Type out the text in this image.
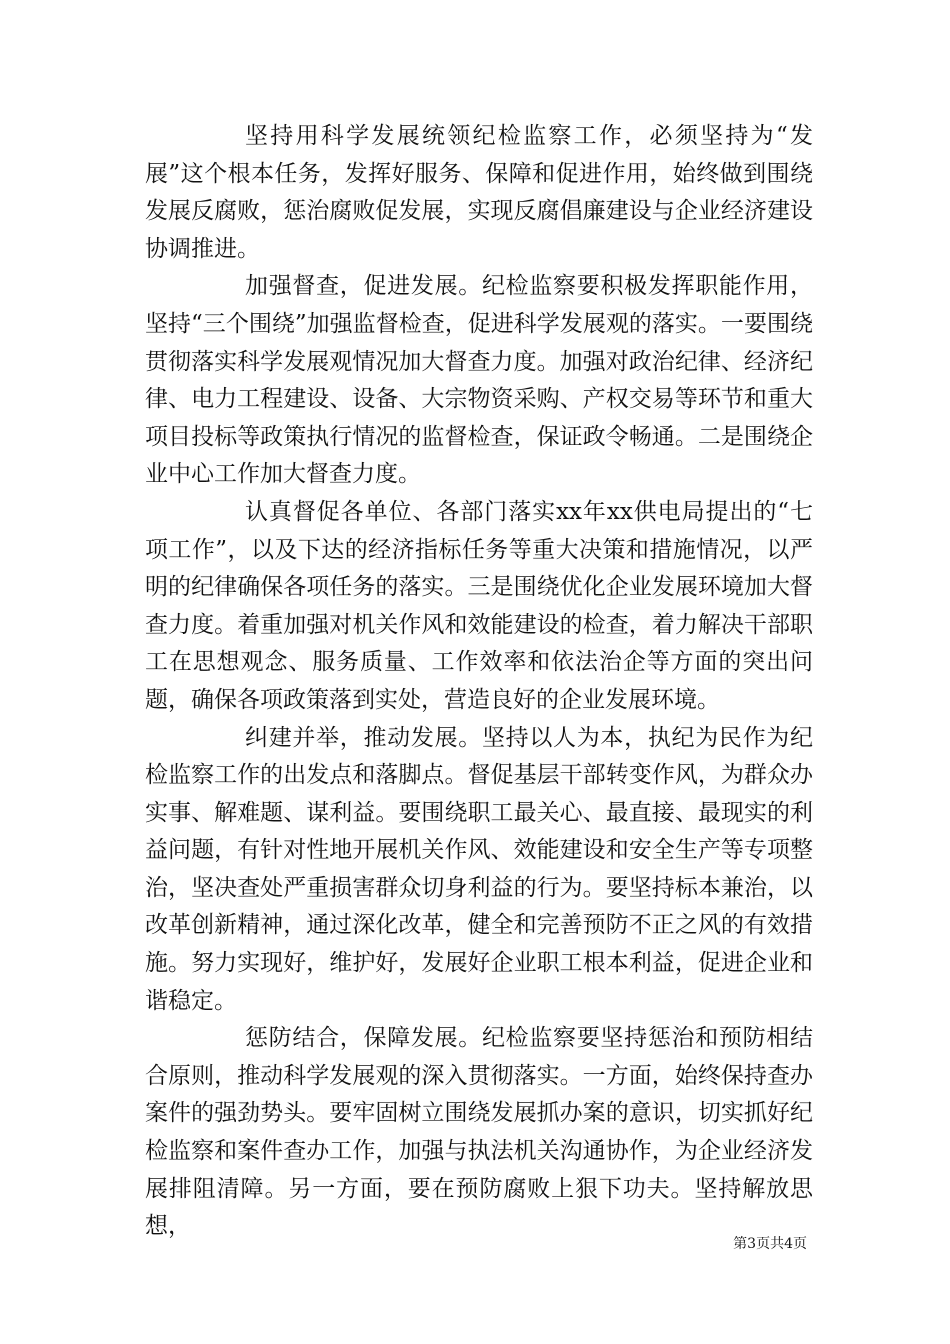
坚持用科学发展统领纪检监察工作，必须坚持为“发展”这个根本任务，发挥好服务、保障和促进作用，始终做到围绕发展反腐败，惩治腐败促发展，实现反腐倡廉建设与企业经济建设协调推进。

加强督查，促进发展。纪检监察要积极发挥职能作用，坚持“三个围绕”加强监督检查，促进科学发展观的落实。一要围绕贯彻落实科学发展观情况加大督查力度。加强对政治纪律、经济纪律、电力工程建设、设备、大宗物资采购、产权交易等环节和重大项目投标等政策执行情况的监督检查，保证政令畅通。二是围绕企业中心工作加大督查力度。

认真督促各单位、各部门落实xx年xx供电局提出的“七项工作”，以及下达的经济指标任务等重大决策和措施情况，以严明的纪律确保各项任务的落实。三是围绕优化企业发展环境加大督查力度。着重加强对机关作风和效能建设的检查，着力解决干部职工在思想观念、服务质量、工作效率和依法治企等方面的突出问题，确保各项政策落到实处，营造良好的企业发展环境。

纠建并举，推动发展。坚持以人为本，执纪为民作为纪检监察工作的出发点和落脚点。督促基层干部转变作风，为群众办实事、解难题、谋利益。要围绕职工最关心、最直接、最现实的利益问题，有针对性地开展机关作风、效能建设和安全生产等专项整治，坚决查处严重损害群众切身利益的行为。要坚持标本兼治，以改革创新精神，通过深化改革，健全和完善预防不正之风的有效措施。努力实现好，维护好，发展好企业职工根本利益，促进企业和谐稳定。

惩防结合，保障发展。纪检监察要坚持惩治和预防相结合原则，推动科学发展观的深入贯彻落实。一方面，始终保持查办案件的强劲势头。要牢固树立围绕发展抓办案的意识，切实抓好纪检监察和案件查办工作，加强与执法机关沟通协作，为企业经济发展排阻清障。另一方面，要在预防腐败上狠下功夫。坚持解放思想，

第3页共4页
